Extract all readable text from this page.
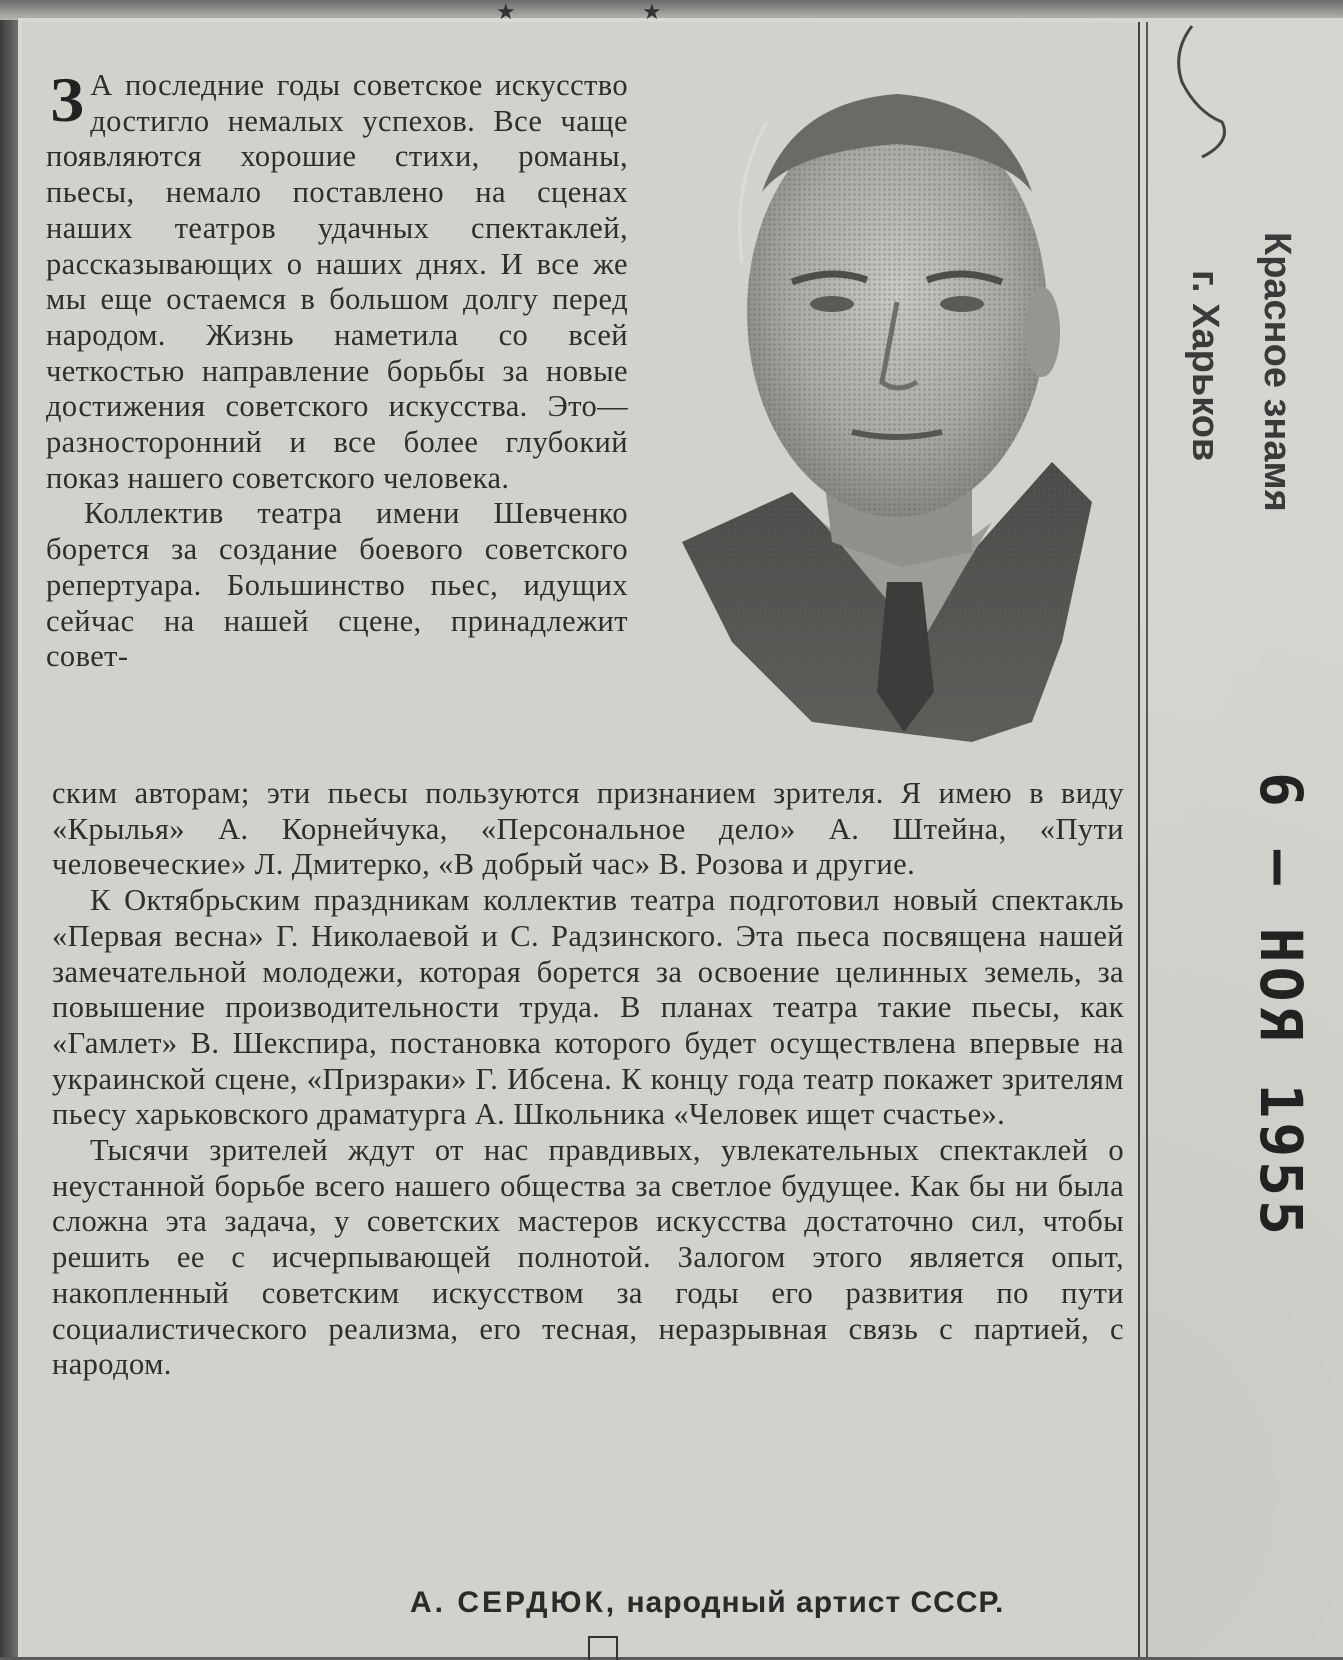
★	★

З А последние годы советское искусство достигло немалых успехов. Все чаще появляются хорошие стихи, романы, пьесы, немало поставлено на сценах наших театров удачных спектаклей, рассказывающих о наших днях. И все же мы еще остаемся в большом долгу перед народом. Жизнь наметила со всей четкостью направление борьбы за новые достижения советского искусства. Это— разносторонний и все более глубокий показ нашего советского человека.

Коллектив театра имени Шевченко борется за создание боевого советского репертуара. Большинство пьес, идущих сейчас на нашей сцене, принадлежит совет-

ским авторам; эти пьесы пользуются признанием зрителя. Я имею в виду «Крылья» А. Корнейчука, «Персональное дело» А. Штейна, «Пути человеческие» Л. Дмитерко, «В добрый час» В. Розова и другие.

К Октябрьским праздникам коллектив театра подготовил новый спектакль «Первая весна» Г. Николаевой и С. Радзинского. Эта пьеса посвящена нашей замечательной молодежи, которая борется за освоение целинных земель, за повышение производительности труда. В планах театра такие пьесы, как «Гамлет» В. Шекспира, постановка которого будет осуществлена впервые на украинской сцене, «Призраки» Г. Ибсена. К концу года театр покажет зрителям пьесу харьковского драматурга А. Школьника «Человек ищет счастье».

Тысячи зрителей ждут от нас правдивых, увлекательных спектаклей о неустанной борьбе всего нашего общества за светлое будущее. Как бы ни была сложна эта задача, у советских мастеров искусства достаточно сил, чтобы решить ее с исчерпывающей полнотой. Залогом этого является опыт, накопленный советским искусством за годы его развития по пути социалистического реализма, его тесная, неразрывная связь с партией, с народом.

А. СЕРДЮК, народный артист СССР.
Красное знамя
г. Харьков
6 – НОЯ 1955
